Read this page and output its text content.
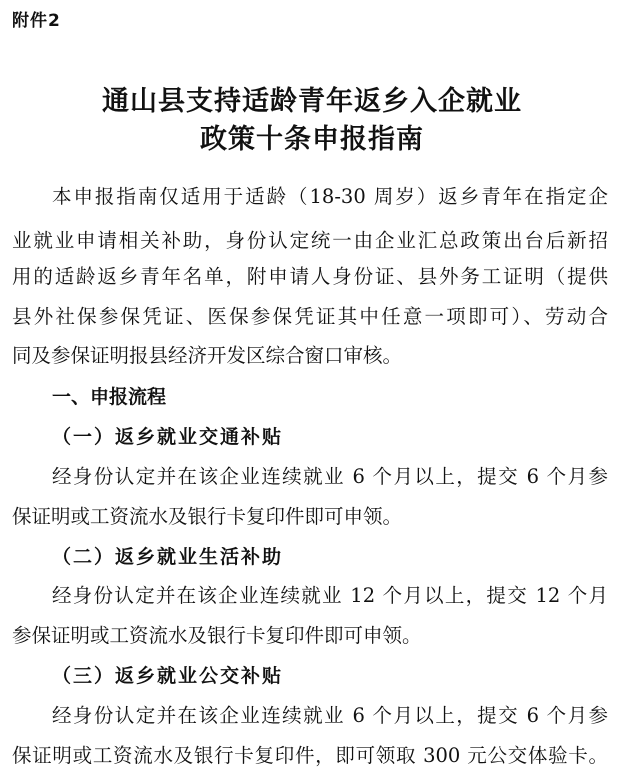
附件2
通山县支持适龄青年返乡入企就业
政策十条申报指南
本申报指南仅适用于适龄（18-30 周岁）返乡青年在指定企
业就业申请相关补助，身份认定统一由企业汇总政策出台后新招
用的适龄返乡青年名单，附申请人身份证、县外务工证明（提供
县外社保参保凭证、医保参保凭证其中任意一项即可）、劳动合
同及参保证明报县经济开发区综合窗口审核。
一、申报流程
（一）返乡就业交通补贴
经身份认定并在该企业连续就业 6 个月以上，提交 6 个月参
保证明或工资流水及银行卡复印件即可申领。
（二）返乡就业生活补助
经身份认定并在该企业连续就业 12 个月以上，提交 12 个月
参保证明或工资流水及银行卡复印件即可申领。
（三）返乡就业公交补贴
经身份认定并在该企业连续就业 6 个月以上，提交 6 个月参
保证明或工资流水及银行卡复印件，即可领取 300 元公交体验卡。
